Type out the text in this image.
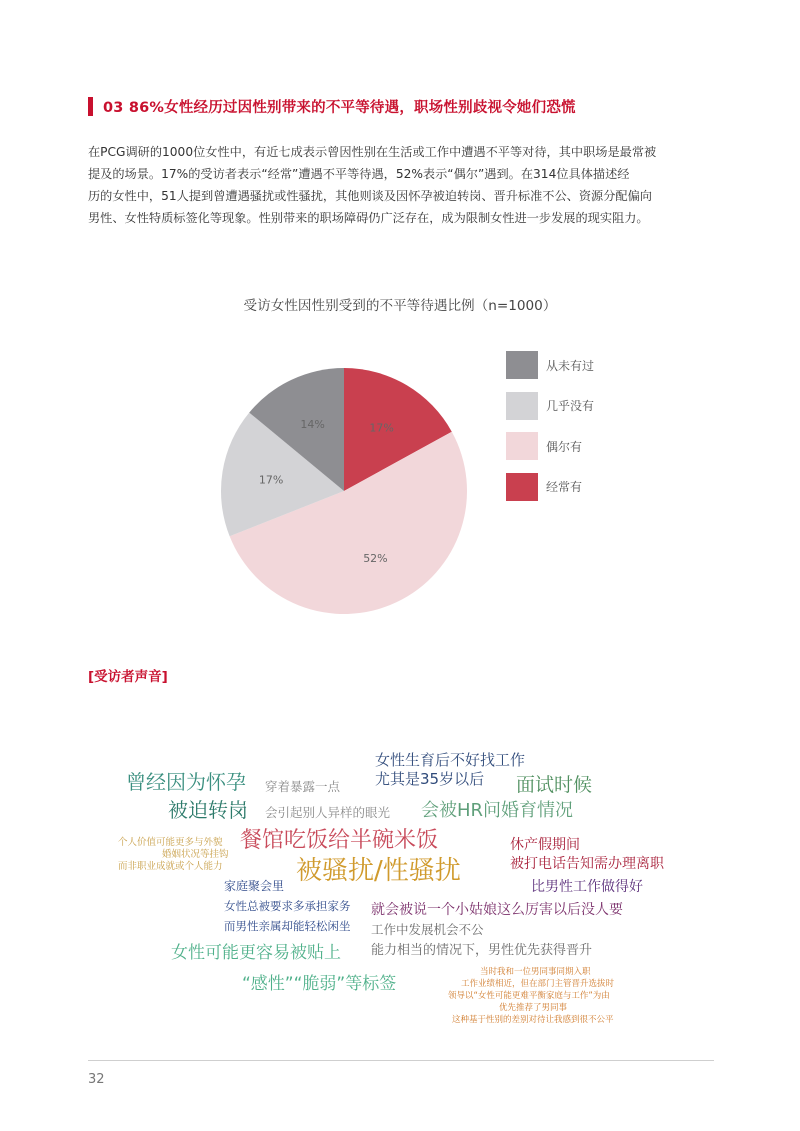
03 86%女性经历过因性别带来的不平等待遇，职场性别歧视令她们恐慌

在PCG调研的1000位女性中，有近七成表示曾因性别在生活或工作中遭遇不平等对待，其中职场是最常被

提及的场景。17%的受访者表示“经常”遭遇不平等待遇，52%表示“偶尔”遇到。在314位具体描述经

历的女性中，51人提到曾遭遇骚扰或性骚扰，其他则谈及因怀孕被迫转岗、晋升标准不公、资源分配偏向

男性、女性特质标签化等现象。性别带来的职场障碍仍广泛存在，成为限制女性进一步发展的现实阻力。

受访女性因性别受到的不平等待遇比例（n=1000）
17%
52%
17%
14%
从未有过
几乎没有
偶尔有
经常有
[受访者声音]
女性生育后不好找工作
尤其是35岁以后
曾经因为怀孕 穿着暴露一点	面试时候
被迫转岗 会引起别人异样的眼光 会被HR问婚育情况
个人价值可能更多与外貌
婚姻状况等挂钩
而非职业成就或个人能力
餐馆吃饭给半碗米饭	休产假期间
被打电话告知需办理离职
被骚扰/性骚扰
家庭聚会里	比男性工作做得好
女性总被要求多承担家务 就会被说一个小姑娘这么厉害以后没人要
而男性亲属却能轻松闲坐 工作中发展机会不公
女性可能更容易被贴上 能力相当的情况下，男性优先获得晋升
当时我和一位男同事同期入职
工作业绩相近，但在部门主管晋升选拔时
领导以“女性可能更难平衡家庭与工作”为由
优先推荐了男同事
“感性”“脆弱”等标签
这种基于性别的差别对待让我感到很不公平
32
